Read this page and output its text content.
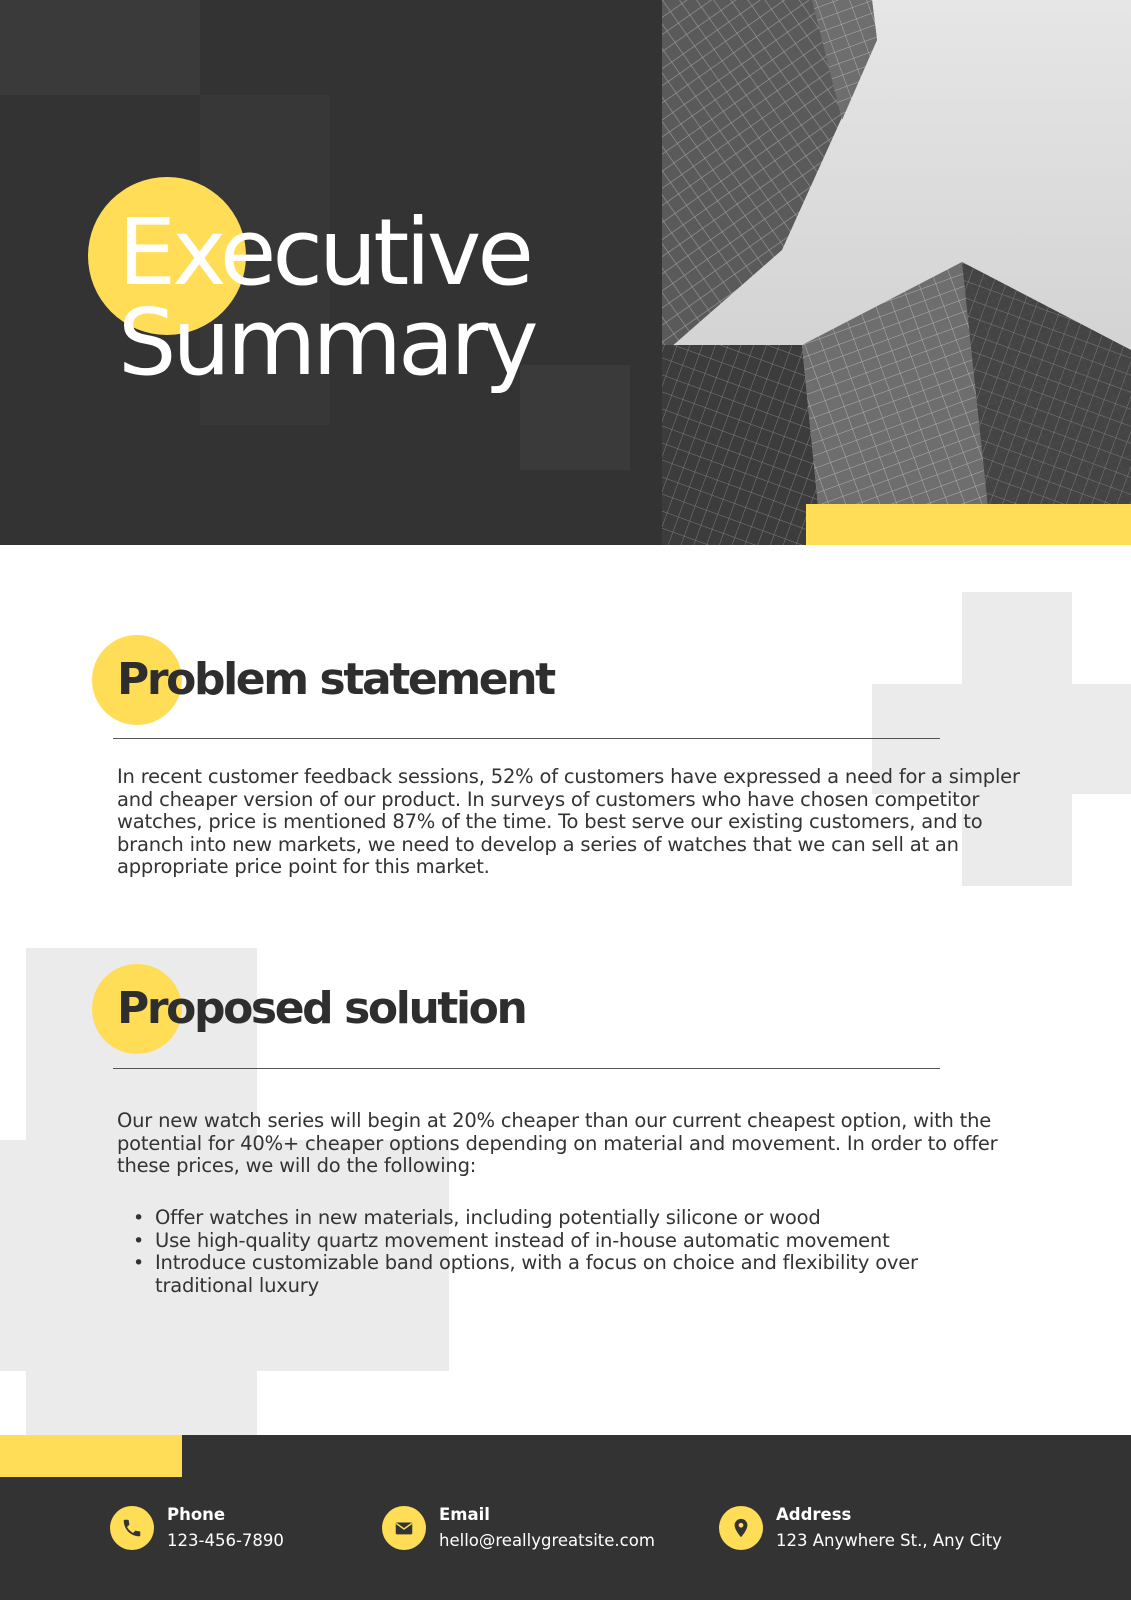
Executive
Summary
Problem statement

In recent customer feedback sessions, 52% of customers have expressed a need for a simpler and cheaper version of our product. In surveys of customers who have chosen competitor watches, price is mentioned 87% of the time. To best serve our existing customers, and to branch into new markets, we need to develop a series of watches that we can sell at an appropriate price point for this market.

Proposed solution

Our new watch series will begin at 20% cheaper than our current cheapest option, with the potential for 40%+ cheaper options depending on material and movement. In order to offer these prices, we will do the following:

• Offer watches in new materials, including potentially silicone or wood
• Use high-quality quartz movement instead of in-house automatic movement
• Introduce customizable band options, with a focus on choice and flexibility over traditional luxury
Phone
123-456-7890
Email
hello@reallygreatsite.com
Address
123 Anywhere St., Any City
